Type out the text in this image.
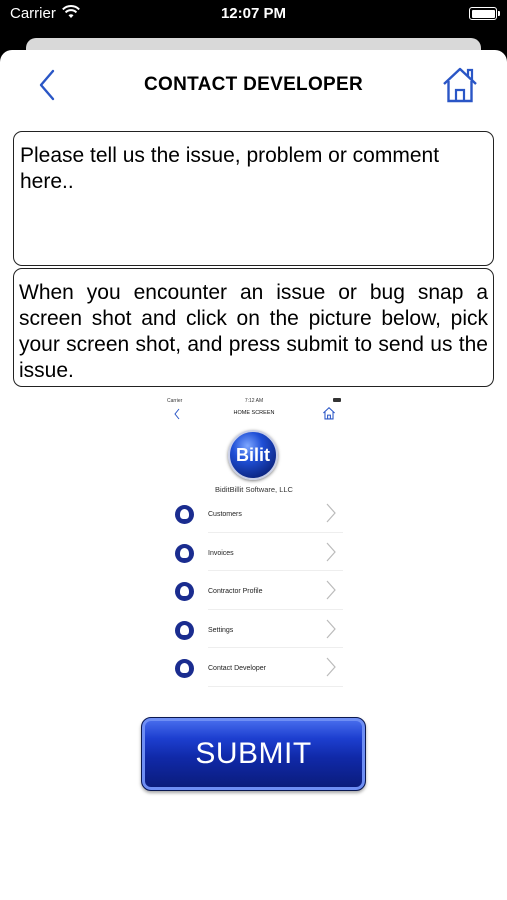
Carrier	12:07 PM
CONTACT DEVELOPER
Please tell us the issue, problem or comment here..
When you encounter an issue or bug snap a screen shot and click on the picture below, pick your screen shot, and press submit to send us the issue.
Carrier	7:12 AM
HOME SCREEN
Bilit
BiditBillit Software, LLC
Customers
Invoices
Contractor Profile
Settings
Contact Developer
SUBMIT
